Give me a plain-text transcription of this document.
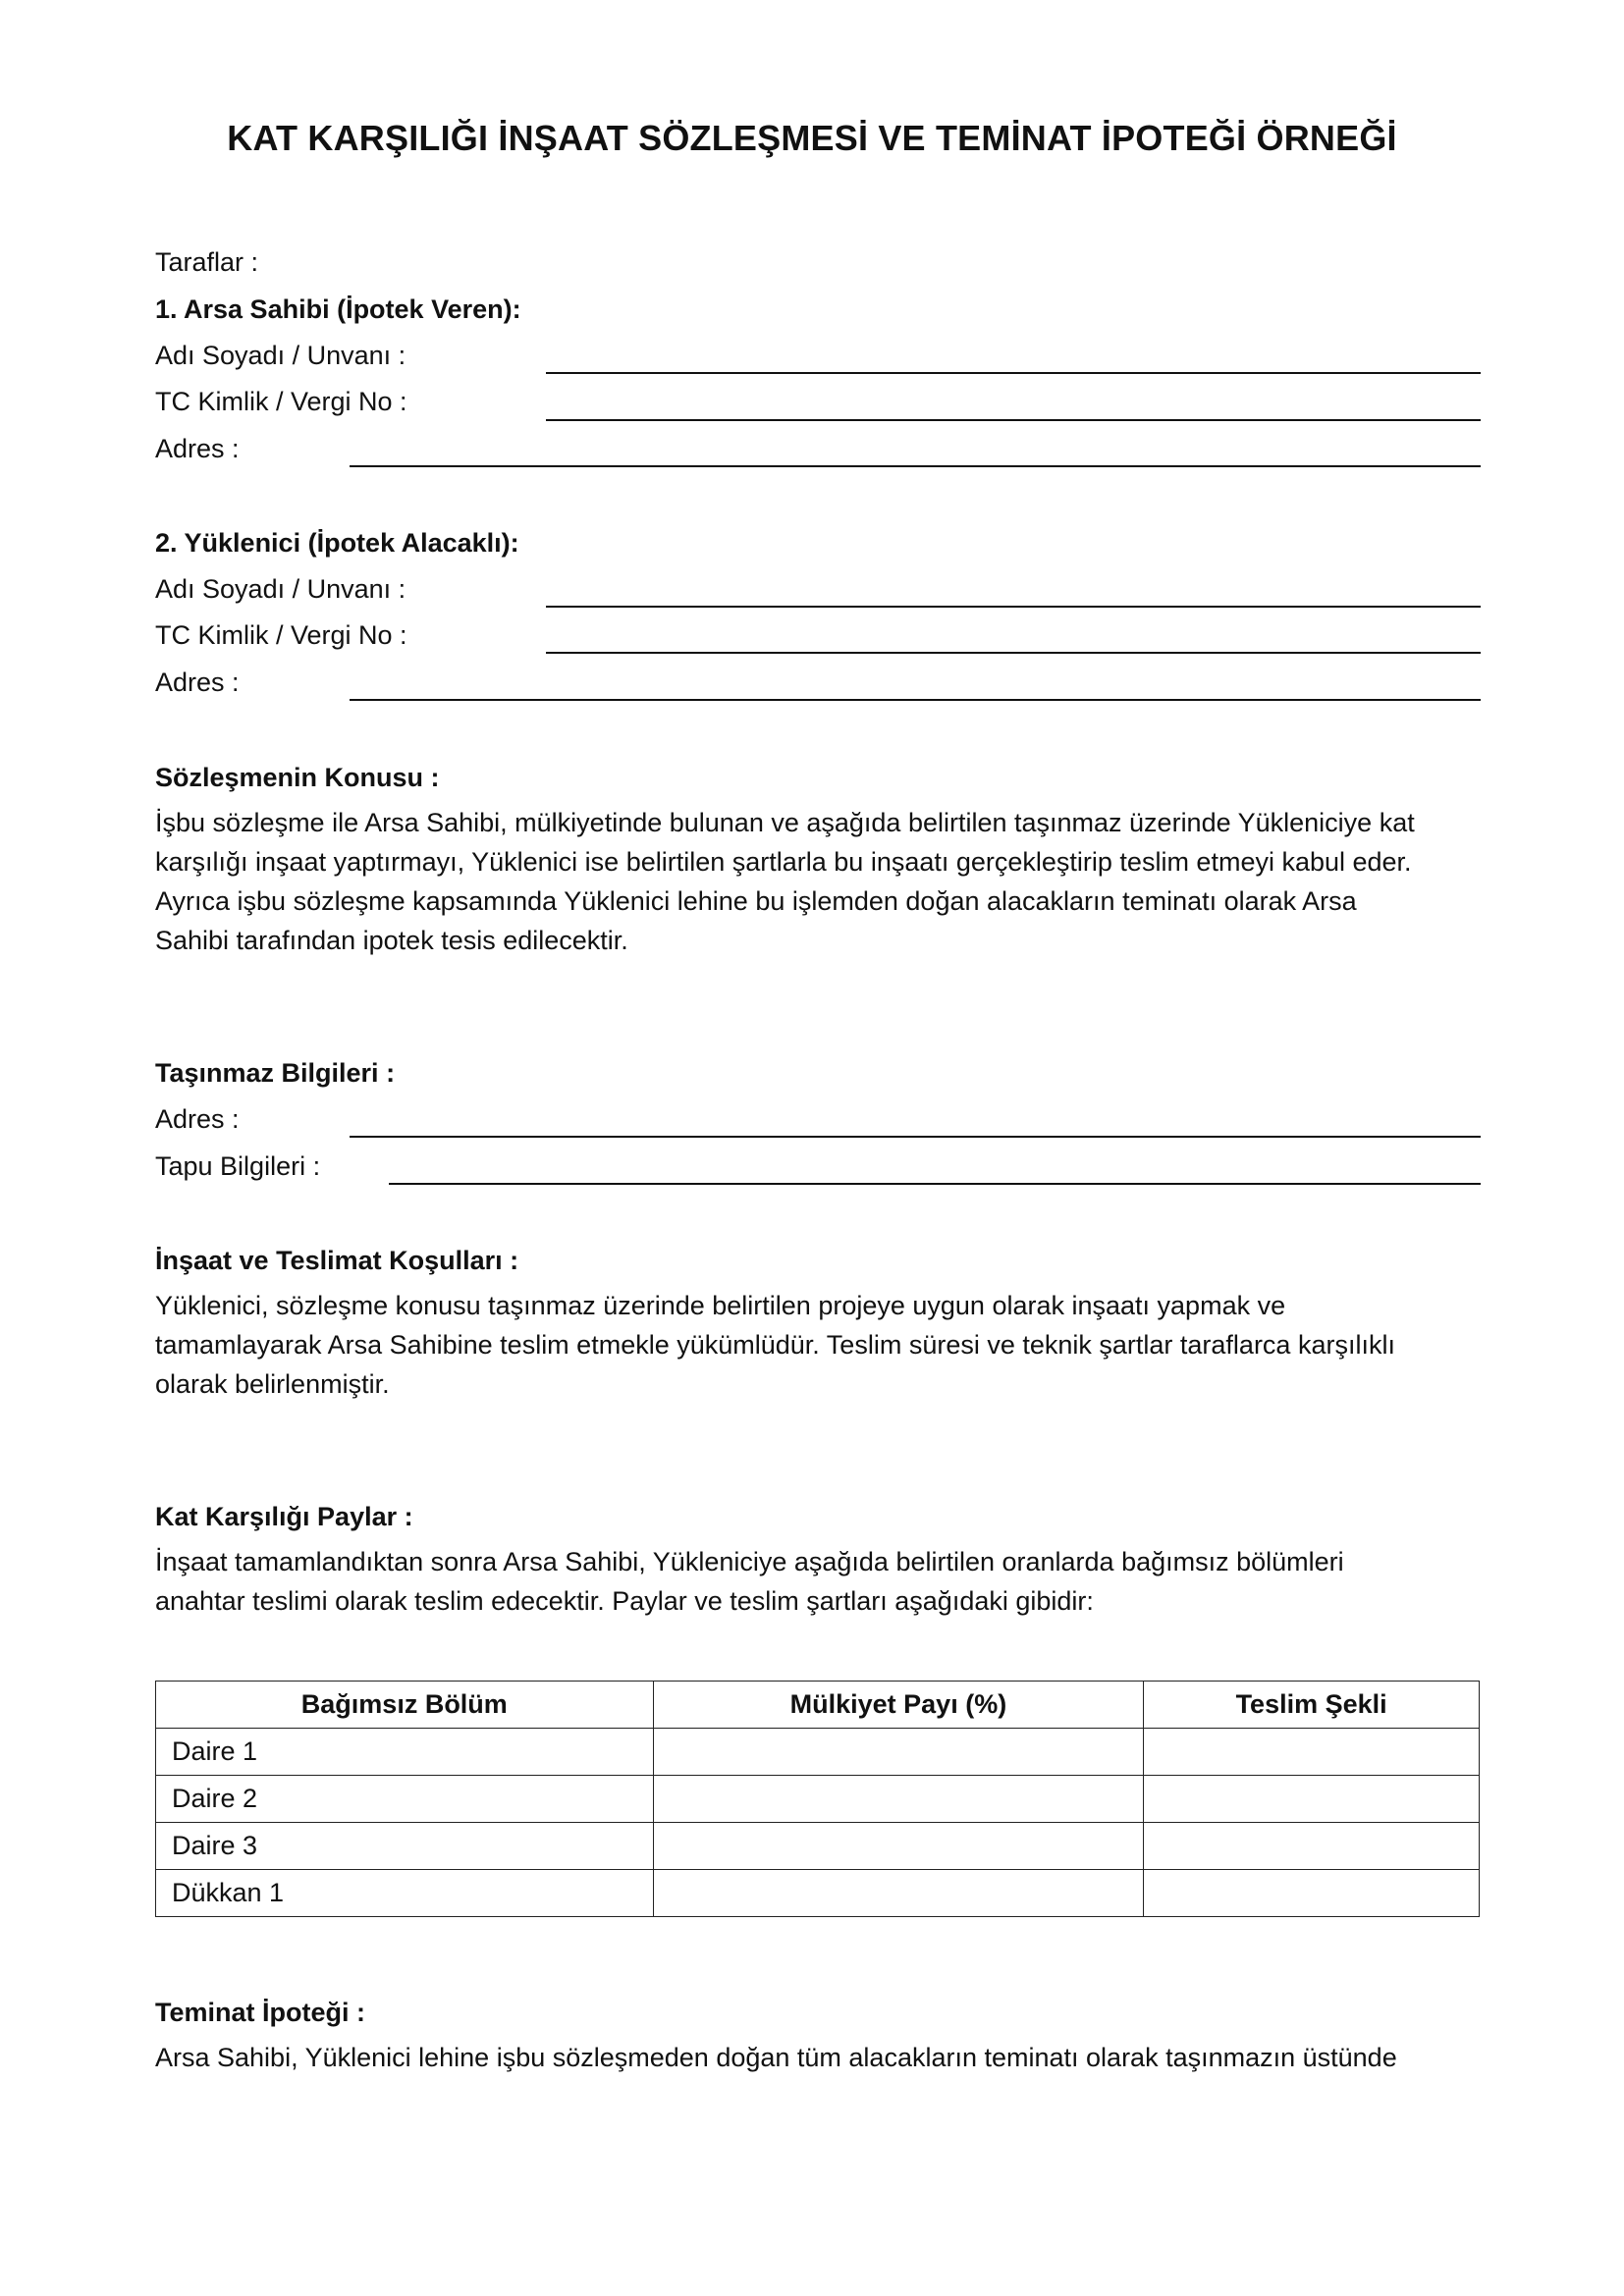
KAT KARŞILIĞI İNŞAAT SÖZLEŞMESİ VE TEMİNAT İPOTEĞİ ÖRNEĞİ
Taraflar :
1. Arsa Sahibi (İpotek Veren):
Adı Soyadı / Unvanı :
TC Kimlik / Vergi No :
Adres :
2. Yüklenici (İpotek Alacaklı):
Adı Soyadı / Unvanı :
TC Kimlik / Vergi No :
Adres :
Sözleşmenin Konusu :

İşbu sözleşme ile Arsa Sahibi, mülkiyetinde bulunan ve aşağıda belirtilen taşınmaz üzerinde Yükleniciye kat

karşılığı inşaat yaptırmayı, Yüklenici ise belirtilen şartlarla bu inşaatı gerçekleştirip teslim etmeyi kabul eder.

Ayrıca işbu sözleşme kapsamında Yüklenici lehine bu işlemden doğan alacakların teminatı olarak Arsa

Sahibi tarafından ipotek tesis edilecektir.

Taşınmaz Bilgileri :
Adres :
Tapu Bilgileri :
İnşaat ve Teslimat Koşulları :

Yüklenici, sözleşme konusu taşınmaz üzerinde belirtilen projeye uygun olarak inşaatı yapmak ve

tamamlayarak Arsa Sahibine teslim etmekle yükümlüdür. Teslim süresi ve teknik şartlar taraflarca karşılıklı

olarak belirlenmiştir.

Kat Karşılığı Paylar :

İnşaat tamamlandıktan sonra Arsa Sahibi, Yükleniciye aşağıda belirtilen oranlarda bağımsız bölümleri

anahtar teslimi olarak teslim edecektir. Paylar ve teslim şartları aşağıdaki gibidir:

Bağımsız Bölüm	Mülkiyet Payı (%)	Teslim Şekli
Daire 1		
Daire 2		
Daire 3		
Dükkan 1		
Teminat İpoteği :

Arsa Sahibi, Yüklenici lehine işbu sözleşmeden doğan tüm alacakların teminatı olarak taşınmazın üstünde
